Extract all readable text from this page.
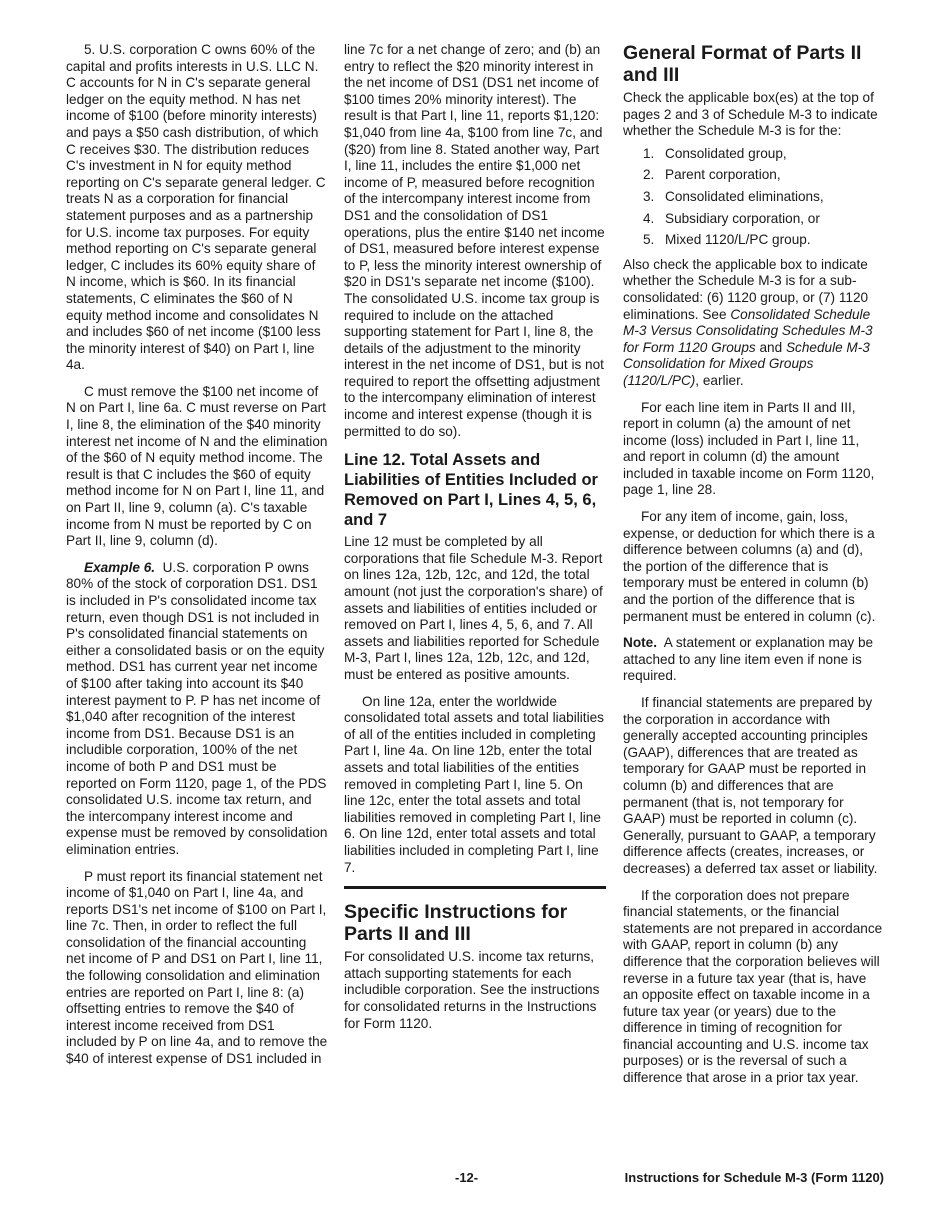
5. U.S. corporation C owns 60% of the capital and profits interests in U.S. LLC N. C accounts for N in C's separate general ledger on the equity method. N has net income of $100 (before minority interests) and pays a $50 cash distribution, of which C receives $30. The distribution reduces C's investment in N for equity method reporting on C's separate general ledger. C treats N as a corporation for financial statement purposes and as a partnership for U.S. income tax purposes. For equity method reporting on C's separate general ledger, C includes its 60% equity share of N income, which is $60. In its financial statements, C eliminates the $60 of N equity method income and consolidates N and includes $60 of net income ($100 less the minority interest of $40) on Part I, line 4a.

C must remove the $100 net income of N on Part I, line 6a. C must reverse on Part I, line 8, the elimination of the $40 minority interest net income of N and the elimination of the $60 of N equity method income. The result is that C includes the $60 of equity method income for N on Part I, line 11, and on Part II, line 9, column (a). C's taxable income from N must be reported by C on Part II, line 9, column (d).

Example 6. U.S. corporation P owns 80% of the stock of corporation DS1. DS1 is included in P's consolidated income tax return, even though DS1 is not included in P's consolidated financial statements on either a consolidated basis or on the equity method. DS1 has current year net income of $100 after taking into account its $40 interest payment to P. P has net income of $1,040 after recognition of the interest income from DS1. Because DS1 is an includible corporation, 100% of the net income of both P and DS1 must be reported on Form 1120, page 1, of the PDS consolidated U.S. income tax return, and the intercompany interest income and expense must be removed by consolidation elimination entries.

P must report its financial statement net income of $1,040 on Part I, line 4a, and reports DS1's net income of $100 on Part I, line 7c. Then, in order to reflect the full consolidation of the financial accounting net income of P and DS1 on Part I, line 11, the following consolidation and elimination entries are reported on Part I, line 8: (a) offsetting entries to remove the $40 of interest income received from DS1 included by P on line 4a, and to remove the $40 of interest expense of DS1 included in

line 7c for a net change of zero; and (b) an entry to reflect the $20 minority interest in the net income of DS1 (DS1 net income of $100 times 20% minority interest). The result is that Part I, line 11, reports $1,120: $1,040 from line 4a, $100 from line 7c, and ($20) from line 8. Stated another way, Part I, line 11, includes the entire $1,000 net income of P, measured before recognition of the intercompany interest income from DS1 and the consolidation of DS1 operations, plus the entire $140 net income of DS1, measured before interest expense to P, less the minority interest ownership of $20 in DS1's separate net income ($100). The consolidated U.S. income tax group is required to include on the attached supporting statement for Part I, line 8, the details of the adjustment to the minority interest in the net income of DS1, but is not required to report the offsetting adjustment to the intercompany elimination of interest income and interest expense (though it is permitted to do so).

Line 12. Total Assets and Liabilities of Entities Included or Removed on Part I, Lines 4, 5, 6, and 7

Line 12 must be completed by all corporations that file Schedule M-3. Report on lines 12a, 12b, 12c, and 12d, the total amount (not just the corporation's share) of assets and liabilities of entities included or removed on Part I, lines 4, 5, 6, and 7. All assets and liabilities reported for Schedule M-3, Part I, lines 12a, 12b, 12c, and 12d, must be entered as positive amounts.

On line 12a, enter the worldwide consolidated total assets and total liabilities of all of the entities included in completing Part I, line 4a. On line 12b, enter the total assets and total liabilities of the entities removed in completing Part I, line 5. On line 12c, enter the total assets and total liabilities removed in completing Part I, line 6. On line 12d, enter total assets and total liabilities included in completing Part I, line 7.

Specific Instructions for Parts II and III

For consolidated U.S. income tax returns, attach supporting statements for each includible corporation. See the instructions for consolidated returns in the Instructions for Form 1120.

General Format of Parts II and III

Check the applicable box(es) at the top of pages 2 and 3 of Schedule M-3 to indicate whether the Schedule M-3 is for the:

1. Consolidated group,
2. Parent corporation,
3. Consolidated eliminations,
4. Subsidiary corporation, or
5. Mixed 1120/L/PC group.

Also check the applicable box to indicate whether the Schedule M-3 is for a sub-consolidated: (6) 1120 group, or (7) 1120 eliminations. See Consolidated Schedule M-3 Versus Consolidating Schedules M-3 for Form 1120 Groups and Schedule M-3 Consolidation for Mixed Groups (1120/L/PC), earlier.

For each line item in Parts II and III, report in column (a) the amount of net income (loss) included in Part I, line 11, and report in column (d) the amount included in taxable income on Form 1120, page 1, line 28.

For any item of income, gain, loss, expense, or deduction for which there is a difference between columns (a) and (d), the portion of the difference that is temporary must be entered in column (b) and the portion of the difference that is permanent must be entered in column (c).

Note. A statement or explanation may be attached to any line item even if none is required.

If financial statements are prepared by the corporation in accordance with generally accepted accounting principles (GAAP), differences that are treated as temporary for GAAP must be reported in column (b) and differences that are permanent (that is, not temporary for GAAP) must be reported in column (c). Generally, pursuant to GAAP, a temporary difference affects (creates, increases, or decreases) a deferred tax asset or liability.

If the corporation does not prepare financial statements, or the financial statements are not prepared in accordance with GAAP, report in column (b) any difference that the corporation believes will reverse in a future tax year (that is, have an opposite effect on taxable income in a future tax year (or years) due to the difference in timing of recognition for financial accounting and U.S. income tax purposes) or is the reversal of such a difference that arose in a prior tax year.

-12-	Instructions for Schedule M-3 (Form 1120)
